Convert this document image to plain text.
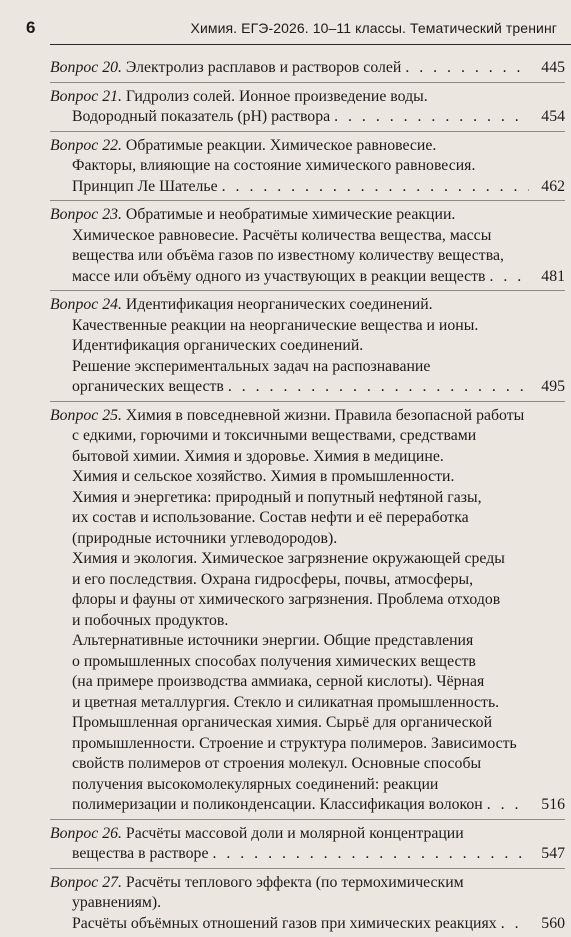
6	Химия. ЕГЭ-2026. 10–11 классы. Тематический тренинг
Вопрос 20. Электролиз расплавов и растворов солей . . .	445
Вопрос 21. Гидролиз солей. Ионное произведение воды.
Водородный показатель (pH) раствора . . .	454
Вопрос 22. Обратимые реакции. Химическое равновесие.
Факторы, влияющие на состояние химического равновесия.
Принцип Ле Шателье . . .	462
Вопрос 23. Обратимые и необратимые химические реакции.
Химическое равновесие. Расчёты количества вещества, массы
вещества или объёма газов по известному количеству вещества,
массе или объёму одного из участвующих в реакции веществ . . .	481
Вопрос 24. Идентификация неорганических соединений.
Качественные реакции на неорганические вещества и ионы.
Идентификация органических соединений.
Решение экспериментальных задач на распознавание
органических веществ . . .	495
Вопрос 25. Химия в повседневной жизни. Правила безопасной работы
с едкими, горючими и токсичными веществами, средствами
бытовой химии. Химия и здоровье. Химия в медицине.
Химия и сельское хозяйство. Химия в промышленности.
Химия и энергетика: природный и попутный нефтяной газы,
их состав и использование. Состав нефти и её переработка
(природные источники углеводородов).
Химия и экология. Химическое загрязнение окружающей среды
и его последствия. Охрана гидросферы, почвы, атмосферы,
флоры и фауны от химического загрязнения. Проблема отходов
и побочных продуктов.
Альтернативные источники энергии. Общие представления
о промышленных способах получения химических веществ
(на примере производства аммиака, серной кислоты). Чёрная
и цветная металлургия. Стекло и силикатная промышленность.
Промышленная органическая химия. Сырьё для органической
промышленности. Строение и структура полимеров. Зависимость
свойств полимеров от строения молекул. Основные способы
получения высокомолекулярных соединений: реакции
полимеризации и поликонденсации. Классификация волокон . . .	516
Вопрос 26. Расчёты массовой доли и молярной концентрации
вещества в растворе . . .	547
Вопрос 27. Расчёты теплового эффекта (по термохимическим
уравнениям).
Расчёты объёмных отношений газов при химических реакциях . . .	560
